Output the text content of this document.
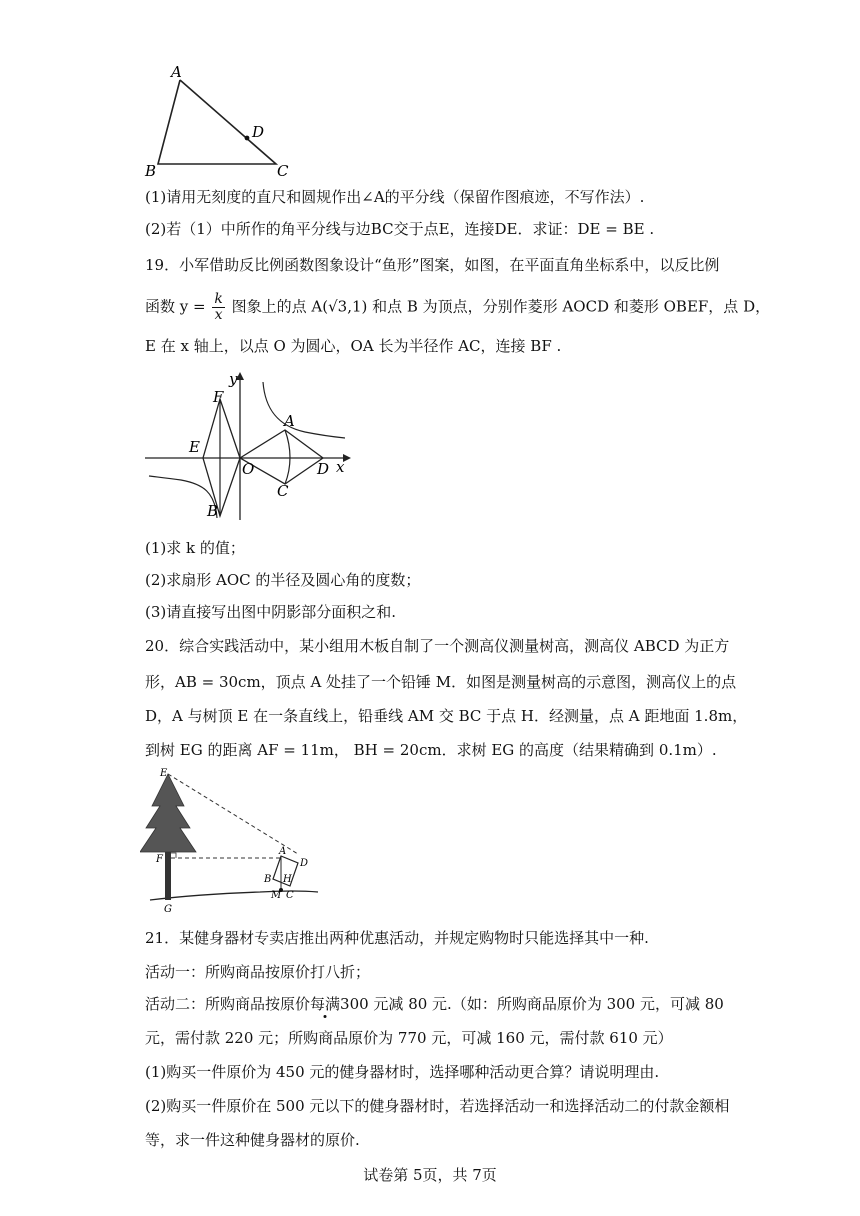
A
D
B	C
(1)请用无刻度的直尺和圆规作出∠A的平分线（保留作图痕迹，不写作法）.
(2)若（1）中所作的角平分线与边BC交于点E，连接DE．求证：DE = BE .
19．小军借助反比例函数图象设计“鱼形”图案，如图，在平面直角坐标系中，以反比例
函数 $y = \frac{k}{x}$ 图象上的点 A(√3,1) 和点 B 为顶点，分别作菱形 AOCD 和菱形 OBEF，点 D，
E 在 x 轴上，以点 O 为圆心，OA 长为半径作 AC，连接 BF .
y
x
F
E
O
A
C
D
B
(1)求 k 的值；
(2)求扇形 AOC 的半径及圆心角的度数；
(3)请直接写出图中阴影部分面积之和.
20．综合实践活动中，某小组用木板自制了一个测高仪测量树高，测高仪 ABCD 为正方
形，AB = 30cm，顶点 A 处挂了一个铅锤 M．如图是测量树高的示意图，测高仪上的点
D，A 与树顶 E 在一条直线上，铅垂线 AM 交 BC 于点 H．经测量，点 A 距地面 1.8m，
到树 EG 的距离 AF = 11m， BH = 20cm．求树 EG 的高度（结果精确到 0.1m）.
E
F
G
A
D
B H
M C
21．某健身器材专卖店推出两种优惠活动，并规定购物时只能选择其中一种.
活动一：所购商品按原价打八折；
活动二：所购商品按原价每满300 元减 80 元.（如：所购商品原价为 300 元，可减 80
元，需付款 220 元；所购商品原价为 770 元，可减 160 元，需付款 610 元）
(1)购买一件原价为 450 元的健身器材时，选择哪种活动更合算？请说明理由.
(2)购买一件原价在 500 元以下的健身器材时，若选择活动一和选择活动二的付款金额相
等，求一件这种健身器材的原价.
试卷第 5页，共 7页
